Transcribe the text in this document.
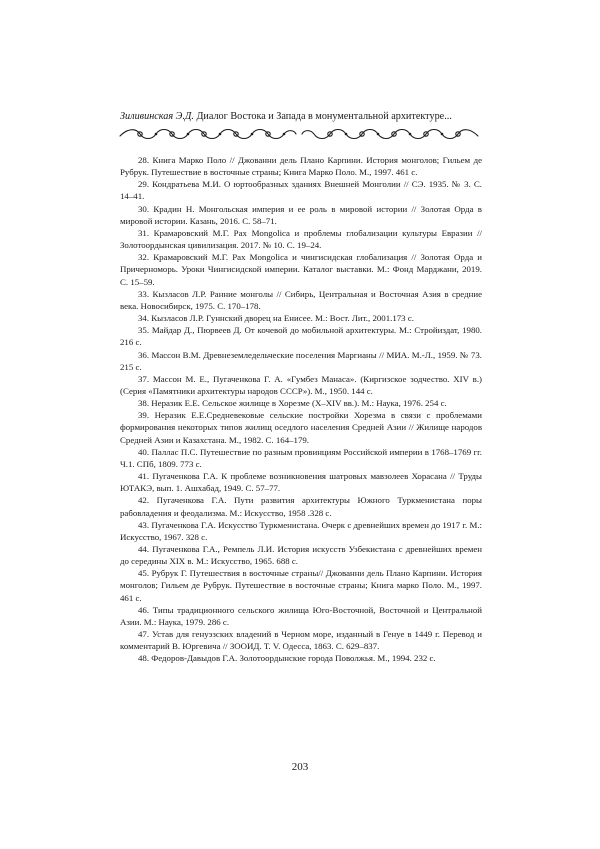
Зиливинская Э.Д. Диалог Востока и Запада в монументальной архитектуре...
28. Книга Марко Поло // Джованни дель Плано Карпини. История монголов; Гильем де Рубрук. Путешествие в восточные страны; Книга Марко Поло. М., 1997. 461 с.
29. Кондратьева М.И. О юртообразных зданиях Внешней Монголии // СЭ. 1935. № 3. С. 14–41.
30. Крадин Н. Монгольская империя и ее роль в мировой истории // Золотая Орда в мировой истории. Казань, 2016. С. 58–71.
31. Крамаровский М.Г. Pax Mongolica и проблемы глобализации культуры Евразии // Золотоордынская цивилизация. 2017. № 10. С. 19–24.
32. Крамаровский М.Г. Pax Mongolica и чингисидская глобализация // Золотая Орда и Причерноморь. Уроки Чингисидской империи. Каталог выставки. М.: Фонд Марджани, 2019. С. 15–59.
33. Кызласов Л.Р. Ранние монголы // Сибирь, Центральная и Восточная Азия в средние века. Новосибирск, 1975. С. 170–178.
34. Кызласов Л.Р. Гуннский дворец на Енисее. М.: Вост. Лит., 2001.173 с.
35. Майдар Д., Пюрвеев Д. От кочевой до мобильной архитектуры. М.: Стройиздат, 1980. 216 с.
36. Массон В.М. Древнеземледельческие поселения Маргианы // МИА. М.-Л., 1959. № 73. 215 с.
37. Массон М. Е., Пугаченкова Г. А. «Гумбез Манаса». (Киргизское зодчество. XIV в.) (Серия «Памятники архитектуры народов СССР»). М., 1950. 144 с.
38. Неразик Е.Е. Сельское жилище в Хорезме (X–XIV вв.). М.: Наука, 1976. 254 с.
39. Неразик Е.Е.Средневековые сельские постройки Хорезма в связи с проблемами формирования некоторых типов жилищ оседлого населения Средней Азии // Жилище народов Средней Азии и Казахстана. М., 1982. С. 164–179.
40. Паллас П.С. Путешествие по разным провинциям Российской империи в 1768–1769 гг. Ч.1. СПб, 1809. 773 с.
41. Пугаченкова Г.А. К проблеме возникновения шатровых мавзолеев Хорасана // Труды ЮТАКЭ, вып. 1. Ашхабад, 1949. С. 57–77.
42. Пугаченкова Г.А. Пути развития архитектуры Южного Туркменистана поры рабовладения и феодализма. М.: Искусство, 1958 .328 с.
43. Пугаченкова Г.А. Искусство Туркменистана. Очерк с древнейших времен до 1917 г. М.: Искусство, 1967. 328 с.
44. Пугаченкова Г.А., Ремпель Л.И. История искусств Узбекистана с древнейших времен до середины XIX в. М.: Искусство, 1965. 688 с.
45. Рубрук Г. Путешествия в восточные страны// Джованни дель Плано Карпини. История монголов; Гильем де Рубрук. Путешествие в восточные страны; Книга марко Поло. М., 1997. 461 с.
46. Типы традиционного сельского жилища Юго-Восточной, Восточной и Центральной Азии. М.: Наука, 1979. 286 с.
47. Устав для генуэзских владений в Черном море, изданный в Генуе в 1449 г. Перевод и комментарий В. Юргевича // ЗООИД. Т. V. Одесса, 1863. С. 629–837.
48. Федоров-Давыдов Г.А. Золотоордынские города Поволжья. М., 1994. 232 с.
203
